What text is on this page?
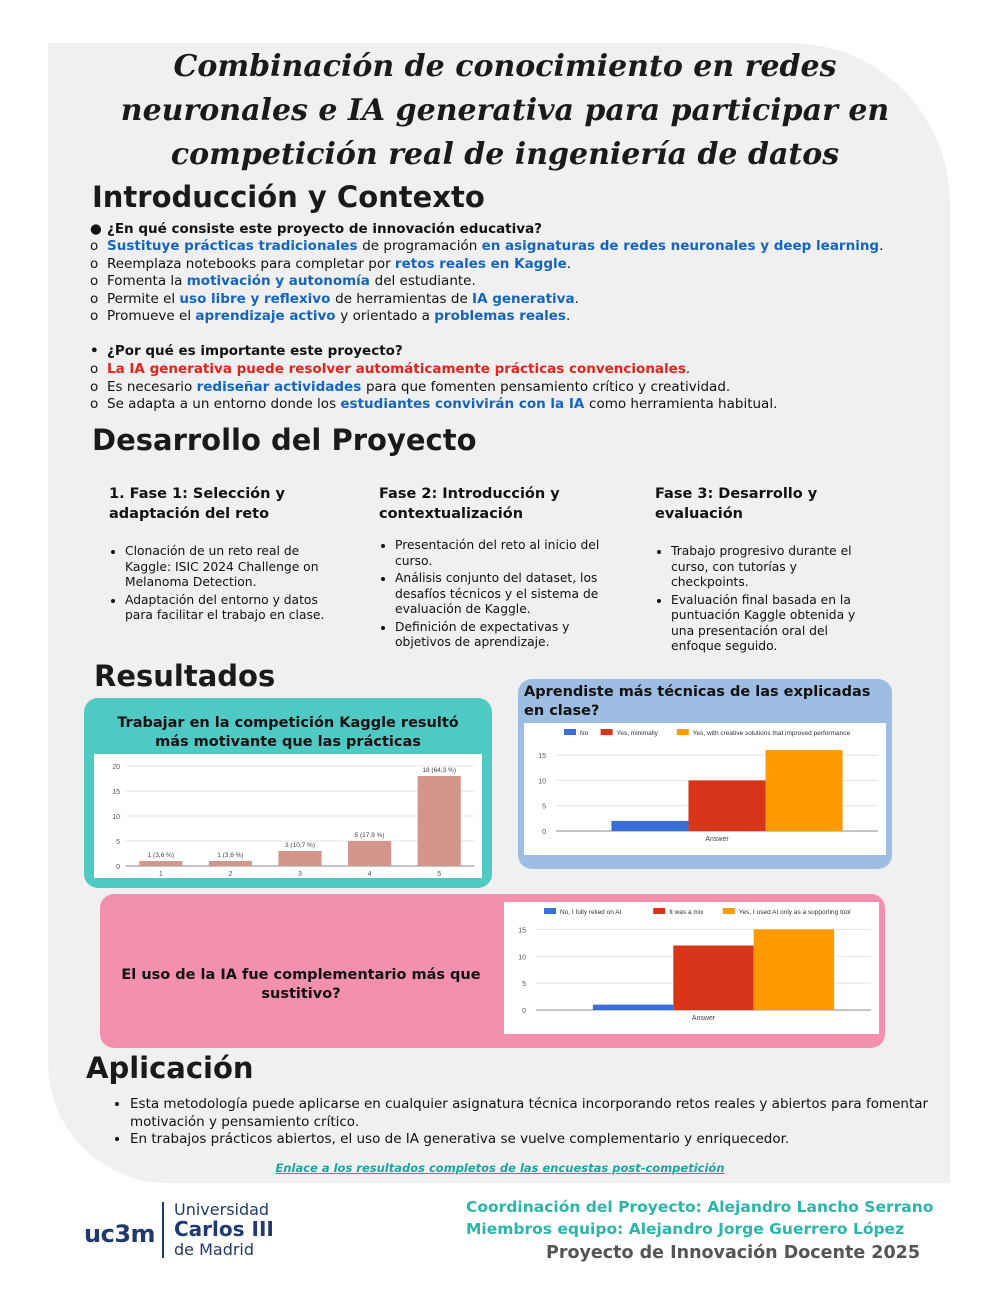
Combinación de conocimiento en redes neuronales e IA generativa para participar en competición real de ingeniería de datos
Introducción y Contexto
● ¿En qué consiste este proyecto de innovación educativa?
o Sustituye prácticas tradicionales de programación en asignaturas de redes neuronales y deep learning.
o Reemplaza notebooks para completar por retos reales en Kaggle.
o Fomenta la motivación y autonomía del estudiante.
o Permite el uso libre y reflexivo de herramientas de IA generativa.
o Promueve el aprendizaje activo y orientado a problemas reales.
• ¿Por qué es importante este proyecto?
o La IA generativa puede resolver automáticamente prácticas convencionales.
o Es necesario rediseñar actividades para que fomenten pensamiento crítico y creatividad.
o Se adapta a un entorno donde los estudiantes convivirán con la IA como herramienta habitual.
Desarrollo del Proyecto
1. Fase 1: Selección y adaptación del reto
• Clonación de un reto real de Kaggle: ISIC 2024 Challenge on Melanoma Detection.
• Adaptación del entorno y datos para facilitar el trabajo en clase.
Fase 2: Introducción y contextualización
• Presentación del reto al inicio del curso.
• Análisis conjunto del dataset, los desafíos técnicos y el sistema de evaluación de Kaggle.
• Definición de expectativas y objetivos de aprendizaje.
Fase 3: Desarrollo y evaluación
• Trabajo progresivo durante el curso, con tutorías y checkpoints.
• Evaluación final basada en la puntuación Kaggle obtenida y una presentación oral del enfoque seguido.
Resultados
Trabajar en la competición Kaggle resultó más motivante que las prácticas
0
5
10
15
20
1 (3,6 %)
1
1 (3,6 %)
2
3 (10,7 %)
3
5 (17,9 %)
4
18 (64,3 %)
5
Aprendiste más técnicas de las explicadas en clase?
No	Yes, minimally	Yes, with creative solutions that improved performance
0
5
10
15
Answer
El uso de la IA fue complementario más que sustitivo?
No, I fully relied on AI	It was a mix	Yes, I used AI only as a supporting tool
0
5
10
15
Answer
Aplicación
• Esta metodología puede aplicarse en cualquier asignatura técnica incorporando retos reales y abiertos para fomentar motivación y pensamiento crítico.
• En trabajos prácticos abiertos, el uso de IA generativa se vuelve complementario y enriquecedor.
Enlace a los resultados completos de las encuestas post-competición
uc3m
Universidad
Carlos III
de Madrid
Coordinación del Proyecto: Alejandro Lancho Serrano
Miembros equipo: Alejandro Jorge Guerrero López
Proyecto de Innovación Docente 2025
